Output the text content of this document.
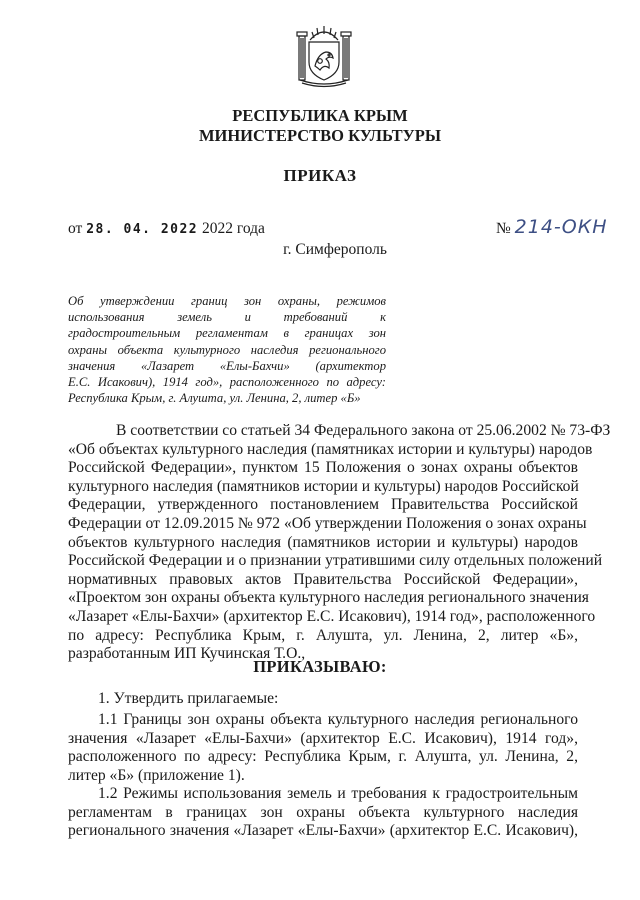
РЕСПУБЛИКА КРЫМ
МИНИСТЕРСТВО КУЛЬТУРЫ
ПРИКАЗ
от 28. 04. 2022 2022 года	№ 214-ОКН
г. Симферополь
Об утверждении границ зон охраны, режимов
использования земель и требований к
градостроительным регламентам в границах зон
охраны объекта культурного наследия регионального
значения «Лазарет «Елы-Бахчи» (архитектор
Е.С. Исакович), 1914 год», расположенного по адресу:
Республика Крым, г. Алушта, ул. Ленина, 2, литер «Б»
В соответствии со статьей 34 Федерального закона от 25.06.2002 № 73-ФЗ
«Об объектах культурного наследия (памятниках истории и культуры) народов
Российской Федерации», пунктом 15 Положения о зонах охраны объектов
культурного наследия (памятников истории и культуры) народов Российской
Федерации, утвержденного постановлением Правительства Российской
Федерации от 12.09.2015 № 972 «Об утверждении Положения о зонах охраны
объектов культурного наследия (памятников истории и культуры) народов
Российской Федерации и о признании утратившими силу отдельных положений
нормативных правовых актов Правительства Российской Федерации»,
«Проектом зон охраны объекта культурного наследия регионального значения
«Лазарет «Елы-Бахчи» (архитектор Е.С. Исакович), 1914 год», расположенного
по адресу: Республика Крым, г. Алушта, ул. Ленина, 2, литер «Б»,
разработанным ИП Кучинская Т.О.,
ПРИКАЗЫВАЮ:
1. Утвердить прилагаемые:
1.1 Границы зон охраны объекта культурного наследия регионального
значения «Лазарет «Елы-Бахчи» (архитектор Е.С. Исакович), 1914 год»,
расположенного по адресу: Республика Крым, г. Алушта, ул. Ленина, 2,
литер «Б» (приложение 1).
1.2 Режимы использования земель и требования к градостроительным
регламентам в границах зон охраны объекта культурного наследия
регионального значения «Лазарет «Елы-Бахчи» (архитектор Е.С. Исакович),
